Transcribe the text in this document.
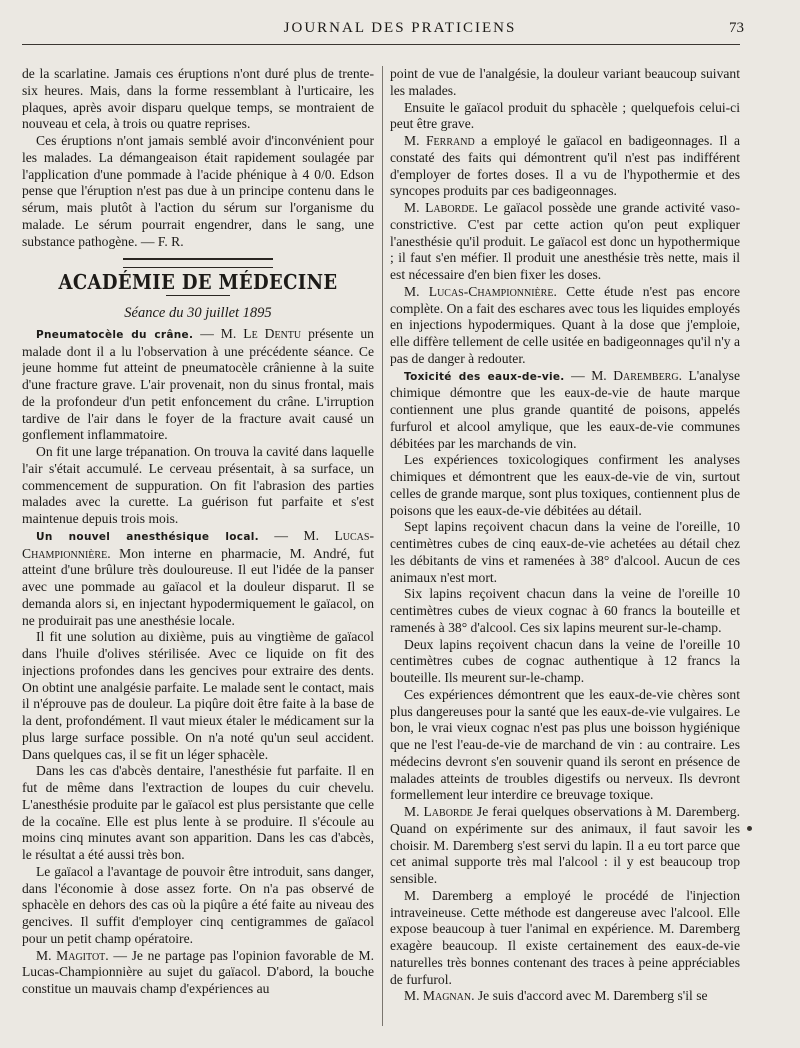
JOURNAL DES PRATICIENS	73

de la scarlatine. Jamais ces éruptions n'ont duré plus de trente-six heures. Mais, dans la forme ressemblant à l'urticaire, les plaques, après avoir disparu quelque temps, se montraient de nouveau et cela, à trois ou quatre reprises.

Ces éruptions n'ont jamais semblé avoir d'inconvénient pour les malades. La démangeaison était rapidement soulagée par l'application d'une pommade à l'acide phénique à 4 0/0. Edson pense que l'éruption n'est pas due à un principe contenu dans le sérum, mais plutôt à l'action du sérum sur l'organisme du malade. Le sérum pourrait engendrer, dans le sang, une substance pathogène. — F. R.

ACADÉMIE DE MÉDECINE
Séance du 30 juillet 1895

Pneumatocèle du crâne. — M. Le Dentu présente un malade dont il a lu l'observation à une précédente séance. Ce jeune homme fut atteint de pneumatocèle crânienne à la suite d'une fracture grave. L'air provenait, non du sinus frontal, mais de la profondeur d'un petit enfoncement du crâne. L'irruption tardive de l'air dans le foyer de la fracture avait causé un gonflement inflammatoire.

On fit une large trépanation. On trouva la cavité dans laquelle l'air s'était accumulé. Le cerveau présentait, à sa surface, un commencement de suppuration. On fit l'abrasion des parties malades avec la curette. La guérison fut parfaite et s'est maintenue depuis trois mois.

Un nouvel anesthésique local. — M. Lucas-Championnière. Mon interne en pharmacie, M. André, fut atteint d'une brûlure très douloureuse. Il eut l'idée de la panser avec une pommade au gaïacol et la douleur disparut. Il se demanda alors si, en injectant hypodermiquement le gaïacol, on ne produirait pas une anesthésie locale.

Il fit une solution au dixième, puis au vingtième de gaïacol dans l'huile d'olives stérilisée. Avec ce liquide on fit des injections profondes dans les gencives pour extraire des dents. On obtint une analgésie parfaite. Le malade sent le contact, mais il n'éprouve pas de douleur. La piqûre doit être faite à la base de la dent, profondément. Il vaut mieux étaler le médicament sur la plus large surface possible. On n'a noté qu'un seul accident. Dans quelques cas, il se fit un léger sphacèle.

Dans les cas d'abcès dentaire, l'anesthésie fut parfaite. Il en fut de même dans l'extraction de loupes du cuir chevelu. L'anesthésie produite par le gaïacol est plus persistante que celle de la cocaïne. Elle est plus lente à se produire. Il s'écoule au moins cinq minutes avant son apparition. Dans les cas d'abcès, le résultat a été aussi très bon.

Le gaïacol a l'avantage de pouvoir être introduit, sans danger, dans l'économie à dose assez forte. On n'a pas observé de sphacèle en dehors des cas où la piqûre a été faite au niveau des gencives. Il suffit d'employer cinq centigrammes de gaïacol pour un petit champ opératoire.

M. Magitot. — Je ne partage pas l'opinion favorable de M. Lucas-Championnière au sujet du gaïacol. D'abord, la bouche constitue un mauvais champ d'expériences au

point de vue de l'analgésie, la douleur variant beaucoup suivant les malades.

Ensuite le gaïacol produit du sphacèle ; quelquefois celui-ci peut être grave.

M. Ferrand a employé le gaïacol en badigeonnages. Il a constaté des faits qui démontrent qu'il n'est pas indifférent d'employer de fortes doses. Il a vu de l'hypothermie et des syncopes produits par ces badigeonnages.

M. Laborde. Le gaïacol possède une grande activité vaso-constrictive. C'est par cette action qu'on peut expliquer l'anesthésie qu'il produit. Le gaïacol est donc un hypothermique ; il faut s'en méfier. Il produit une anesthésie très nette, mais il est nécessaire d'en bien fixer les doses.

M. Lucas-Championnière. Cette étude n'est pas encore complète. On a fait des eschares avec tous les liquides employés en injections hypodermiques. Quant à la dose que j'emploie, elle diffère tellement de celle usitée en badigeonnages qu'il n'y a pas de danger à redouter.

Toxicité des eaux-de-vie. — M. Daremberg. L'analyse chimique démontre que les eaux-de-vie de haute marque contiennent une plus grande quantité de poisons, appelés furfurol et alcool amylique, que les eaux-de-vie communes débitées par les marchands de vin.

Les expériences toxicologiques confirment les analyses chimiques et démontrent que les eaux-de-vie de vin, surtout celles de grande marque, sont plus toxiques, contiennent plus de poisons que les eaux-de-vie débitées au détail.

Sept lapins reçoivent chacun dans la veine de l'oreille, 10 centimètres cubes de cinq eaux-de-vie achetées au détail chez les débitants de vins et ramenées à 38° d'alcool. Aucun de ces animaux n'est mort.

Six lapins reçoivent chacun dans la veine de l'oreille 10 centimètres cubes de vieux cognac à 60 francs la bouteille et ramenés à 38° d'alcool. Ces six lapins meurent sur-le-champ.

Deux lapins reçoivent chacun dans la veine de l'oreille 10 centimètres cubes de cognac authentique à 12 francs la bouteille. Ils meurent sur-le-champ.

Ces expériences démontrent que les eaux-de-vie chères sont plus dangereuses pour la santé que les eaux-de-vie vulgaires. Le bon, le vrai vieux cognac n'est pas plus une boisson hygiénique que ne l'est l'eau-de-vie de marchand de vin : au contraire. Les médecins devront s'en souvenir quand ils seront en présence de malades atteints de troubles digestifs ou nerveux. Ils devront formellement leur interdire ce breuvage toxique.

M. Laborde Je ferai quelques observations à M. Daremberg. Quand on expérimente sur des animaux, il faut savoir les choisir. M. Daremberg s'est servi du lapin. Il a eu tort parce que cet animal supporte très mal l'alcool : il y est beaucoup trop sensible.

M. Daremberg a employé le procédé de l'injection intraveineuse. Cette méthode est dangereuse avec l'alcool. Elle expose beaucoup à tuer l'animal en expérience. M. Daremberg exagère beaucoup. Il existe certainement des eaux-de-vie naturelles très bonnes contenant des traces à peine appréciables de furfurol.

M. Magnan. Je suis d'accord avec M. Daremberg s'il se
